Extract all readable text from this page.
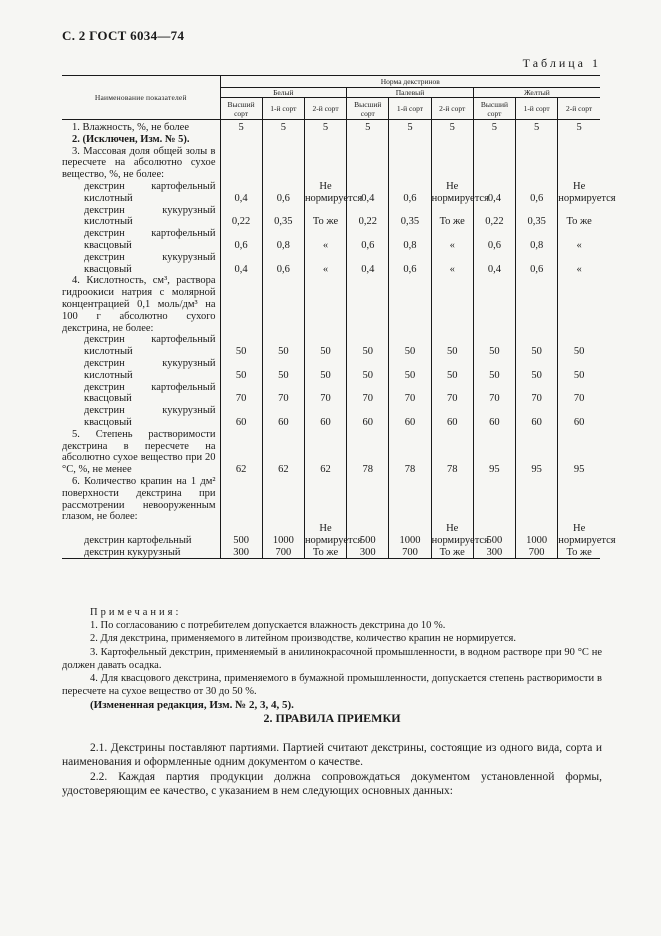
С. 2 ГОСТ 6034—74
Таблица 1
Наименование показателей	Норма декстринов								
	Белый			Палевый			Желтый		
	Высший сорт	1-й сорт	2-й сорт	Высший сорт	1-й сорт	2-й сорт	Высший сорт	1-й сорт	2-й сорт
1. Влажность, %, не более	5	5	5	5	5	5	5	5	5
2. (Исключен, Изм. № 5).									
3. Массовая доля общей золы в пересчете на абсолютно сухое вещество, %, не более:									
декстрин картофельный кислотный	0,4	0,6	Не нормируется	0,4	0,6	Не нормируется	0,4	0,6	Не нормируется
декстрин кукурузный кислотный	0,22	0,35	То же	0,22	0,35	То же	0,22	0,35	То же
декстрин картофельный квасцовый	0,6	0,8	«	0,6	0,8	«	0,6	0,8	«
декстрин кукурузный квасцовый	0,4	0,6	«	0,4	0,6	«	0,4	0,6	«
4. Кислотность, см³, раствора гидроокиси натрия с молярной концентрацией 0,1 моль/дм³ на 100 г абсолютно сухого декстрина, не более:									
декстрин картофельный кислотный	50	50	50	50	50	50	50	50	50
декстрин кукурузный кислотный	50	50	50	50	50	50	50	50	50
декстрин картофельный квасцовый	70	70	70	70	70	70	70	70	70
декстрин кукурузный квасцовый	60	60	60	60	60	60	60	60	60
5. Степень растворимости декстрина в пересчете на абсолютно сухое вещество при 20 °С, %, не менее	62	62	62	78	78	78	95	95	95
6. Количество крапин на 1 дм² поверхности декстрина при рассмотрении невооруженным глазом, не более:									
декстрин картофельный	500	1000	Не нормируется	500	1000	Не нормируется	500	1000	Не нормируется
декстрин кукурузный	300	700	То же	300	700	То же	300	700	То же
Примечания:
1. По согласованию с потребителем допускается влажность декстрина до 10 %.
2. Для декстрина, применяемого в литейном производстве, количество крапин не нормируется.
3. Картофельный декстрин, применяемый в анилинокрасочной промышленности, в водном растворе при 90 °С не должен давать осадка.
4. Для квасцового декстрина, применяемого в бумажной промышленности, допускается степень растворимости в пересчете на сухое вещество от 30 до 50 %.
(Измененная редакция, Изм. № 2, 3, 4, 5).
2. ПРАВИЛА ПРИЕМКИ

2.1. Декстрины поставляют партиями. Партией считают декстрины, состоящие из одного вида, сорта и наименования и оформленные одним документом о качестве.

2.2. Каждая партия продукции должна сопровождаться документом установленной формы, удостоверяющим ее качество, с указанием в нем следующих основных данных:
